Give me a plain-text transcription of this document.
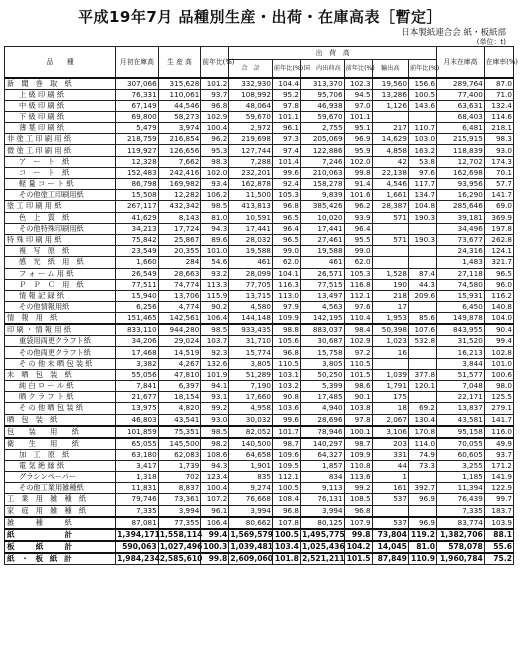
平成19年7月 品種別生産・出荷・在庫高表［暫定］
日本製紙連合会 紙・板紙部
(単位：t)
品　　種	月初在庫高	生 産 高	前年比(%)	出　荷　高						月末在庫高	在庫率(%)
				合　計	前年比(%)	国　内出荷高	前年比(%)	輸出高	前年比(%)		
新　聞　巻　取　紙	307,066	315,628	101.2	332,930	104.4	313,370	102.3	19,560	156.6	289,764	87.0
上 級 印 刷 紙	76,331	110,061	93.7	108,992	95.2	95,706	94.5	13,286	100.5	77,400	71.0
中 級 印 刷 紙	67,149	44,546	96.8	48,064	97.8	46,938	97.0	1,126	143.6	63,631	132.4
下 級 印 刷 紙	69,800	58,273	102.9	59,670	101.1	59,670	101.1			68,403	114.6
薄 葉 印 刷 紙	5,479	3,974	100.4	2,972	96.1	2,755	95.1	217	110.7	6,481	218.1
非 塗 工 印 刷 用 紙	218,759	216,854	96.2	219,698	97.3	205,069	96.9	14,629	103.0	215,915	98.3
微 塗 工 印 刷 用 紙	119,927	126,656	95.3	127,744	97.4	122,886	95.9	4,858	163.2	118,839	93.0
ア　ー　ト　紙	12,328	7,662	98.3	7,288	101.4	7,246	102.0	42	53.8	12,702	174.3
コ　ー　ト　紙	152,483	242,416	102.0	232,201	99.6	210,063	99.8	22,138	97.6	162,698	70.1
軽 量 コ ー ト 紙	86,798	169,982	93.4	162,878	92.4	158,278	91.4	4,546	117.7	93,956	57.7
その他塗工印刷用紙	15,508	12,282	106.2	11,500	105.3	9,839	101.6	1,661	134.7	16,290	141.7
塗 工 印 刷 用 紙	267,117	432,342	98.5	413,813	96.8	385,426	96.2	28,387	104.8	285,646	69.0
色　上　質　紙	41,629	8,143	81.0	10,591	96.5	10,020	93.9	571	190.3	39,181	369.9
その他特殊印刷用紙	34,213	17,724	94.3	17,441	96.4	17,441	96.4			34,496	197.8
特 殊 印 刷 用 紙	75,842	25,867	89.6	28,032	96.5	27,461	95.5	571	190.3	73,677	262.8
複　写　原　紙	23,549	20,355	101.0	19,588	99.0	19,588	99.0			24,316	124.1
感　光　紙　用　紙	1,660	284	54.6	461	62.0	461	62.0			1,483	321.7
フ ォ ー ム 用 紙	26,549	28,663	93.2	28,099	104.1	26,571	105.3	1,528	87.4	27,118	96.5
Ｐ　Ｐ　Ｃ　用　紙	77,511	74,774	113.3	77,705	116.3	77,515	116.8	190	44.3	74,580	96.0
情 報 記 録 紙	15,940	13,706	115.9	13,715	113.0	13,497	112.1	218	209.6	15,931	116.2
その他情報用紙	6,256	4,774	90.2	4,580	97.9	4,563	97.6	17		6,450	140.8
情　報　用　紙	151,465	142,561	106.4	144,148	109.9	142,195	110.4	1,953	85.6	149,878	104.0
印 刷 ・ 情 報 用 紙	833,110	944,280	98.5	933,435	98.8	883,037	98.4	50,398	107.6	843,955	90.4
重袋用両更クラフト紙	34,206	29,024	103.7	31,710	105.6	30,687	102.9	1,023	532.8	31,520	99.4
その他両更クラフト紙	17,468	14,519	92.3	15,774	96.8	15,758	97.2	16		16,213	102.8
そ の 他 未 晒 包 装 紙	3,382	4,267	132.6	3,805	110.5	3,805	110.5			3,844	101.0
未　晒　包　装　紙	55,056	47,810	101.9	51,289	103.1	50,250	101.5	1,039	377.8	51,577	100.6
純 白 ロ ー ル 紙	7,841	6,397	94.1	7,190	103.2	5,399	98.6	1,791	120.1	7,048	98.0
晒 ク ラ フ ト 紙	21,677	18,154	93.1	17,660	90.8	17,485	90.1	175		22,171	125.5
そ の 他 晒 包 装 紙	13,975	4,820	99.2	4,958	103.6	4,940	103.8	18	69.2	13,837	279.1
晒　包　装　紙	46,803	43,541	93.0	30,032	99.6	28,696	97.8	2,067	130.4	43,581	141.7
包　　装　　用　　紙	101,859	75,351	98.5	82,052	101.7	78,946	100.1	3,106	170.8	95,158	116.0
衛　　生　　用　　紙	65,055	145,500	98.2	140,500	98.7	140,297	98.7	203	114.0	70,055	49.9
加　工　原　紙	63,180	62,083	108.6	64,658	109.6	64,327	109.9	331	74.9	60,605	93.7
電 気 絶 縁 紙	3,417	1,739	94.3	1,901	109.5	1,857	110.8	44	73.3	3,255	171.2
グラシンペーパー	1,318	702	123.4	835	112.1	834	113.6	1		1,185	141.9
その他工業用雑種紙	11,831	8,837	100.4	9,274	100.5	9,113	99.2	161	392.7	11,394	122.9
工　業　用　雑　種　紙	79,746	73,361	107.2	76,668	108.4	76,131	108.5	537	96.9	76,439	99.7
家　庭　用　雑　種　紙	7,335	3,994	96.1	3,994	96.8	3,994	96.8			7,335	183.7
雑　　　種　　　紙	87,081	77,355	106.4	80,662	107.8	80,125	107.9	537	96.9	83,774	103.9
紙　　　　　計	1,394,171	1,558,114	99.4	1,569,579	100.5	1,495,775	99.8	73,804	119.2	1,382,706	88.1
板　　紙　　計	590,063	1,027,496	100.3	1,039,481	103.4	1,025,436	104.2	14,045	81.0	578,078	55.6
紙 ・ 板 紙 計	1,984,234	2,585,610	99.8	2,609,060	101.8	2,521,211	101.5	87,849	110.9	1,960,784	75.2
